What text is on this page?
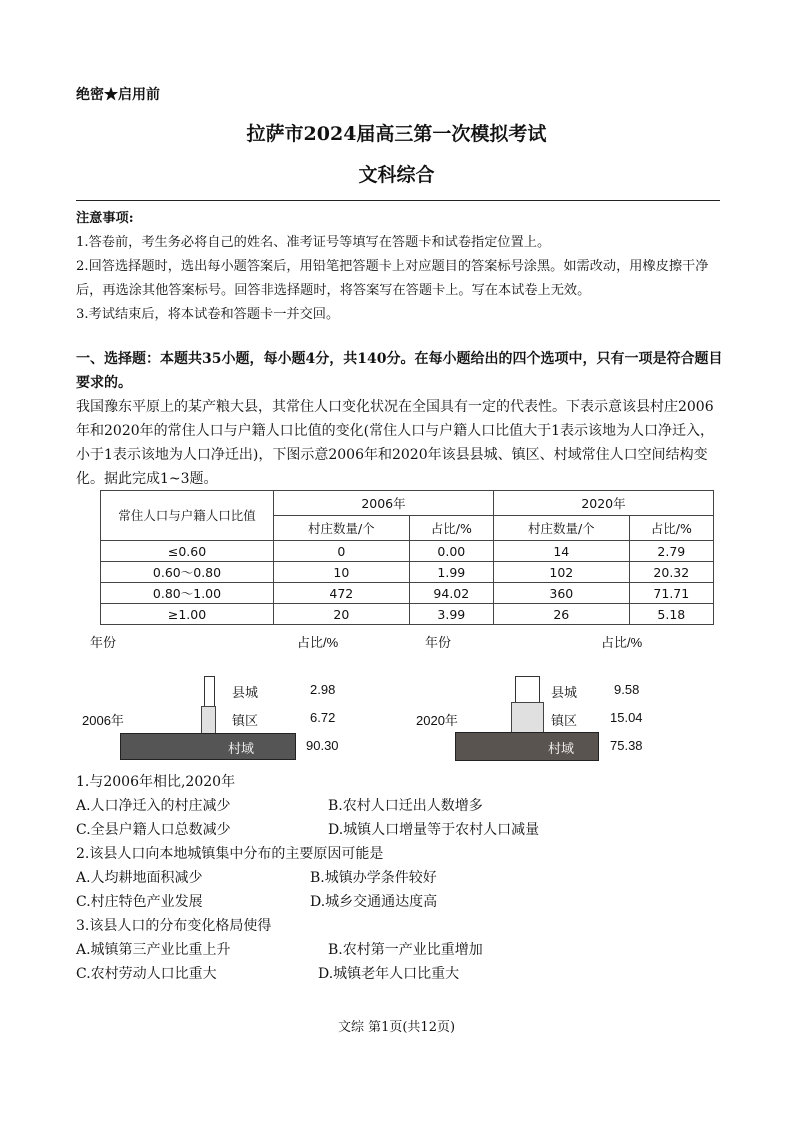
绝密★启用前
拉萨市2024届高三第一次模拟考试
文科综合
注意事项:
1.答卷前，考生务必将自己的姓名、准考证号等填写在答题卡和试卷指定位置上。
2.回答选择题时，选出每小题答案后，用铅笔把答题卡上对应题目的答案标号涂黑。如需改动，用橡皮擦干净后，再选涂其他答案标号。回答非选择题时，将答案写在答题卡上。写在本试卷上无效。
3.考试结束后，将本试卷和答题卡一并交回。
一、选择题：本题共35小题，每小题4分，共140分。在每小题给出的四个选项中，只有一项是符合题目要求的。
我国豫东平原上的某产粮大县，其常住人口变化状况在全国具有一定的代表性。下表示意该县村庄2006年和2020年的常住人口与户籍人口比值的变化(常住人口与户籍人口比值大于1表示该地为人口净迁入，小于1表示该地为人口净迁出)，下图示意2006年和2020年该县县城、镇区、村域常住人口空间结构变化。据此完成1~3题。
常住人口与户籍人口比值	2006年		2020年	
	村庄数量/个	占比/%	村庄数量/个	占比/%
≤0.60	0	0.00	14	2.79
0.60～0.80	10	1.99	102	20.32
0.80～1.00	472	94.02	360	71.71
≥1.00	20	3.99	26	5.18
年份	占比/%
县城
镇区
村域
2.98
6.72
90.30
2006年
年份	占比/%
县城
镇区
村域
9.58
15.04
75.38
2020年
1.与2006年相比,2020年
A.人口净迁入的村庄减少	B.农村人口迁出人数增多
C.全县户籍人口总数减少	D.城镇人口增量等于农村人口减量
2.该县人口向本地城镇集中分布的主要原因可能是
A.人均耕地面积减少	B.城镇办学条件较好
C.村庄特色产业发展	D.城乡交通通达度高
3.该县人口的分布变化格局使得
A.城镇第三产业比重上升	B.农村第一产业比重增加
C.农村劳动人口比重大	D.城镇老年人口比重大
文综 第1页(共12页)
